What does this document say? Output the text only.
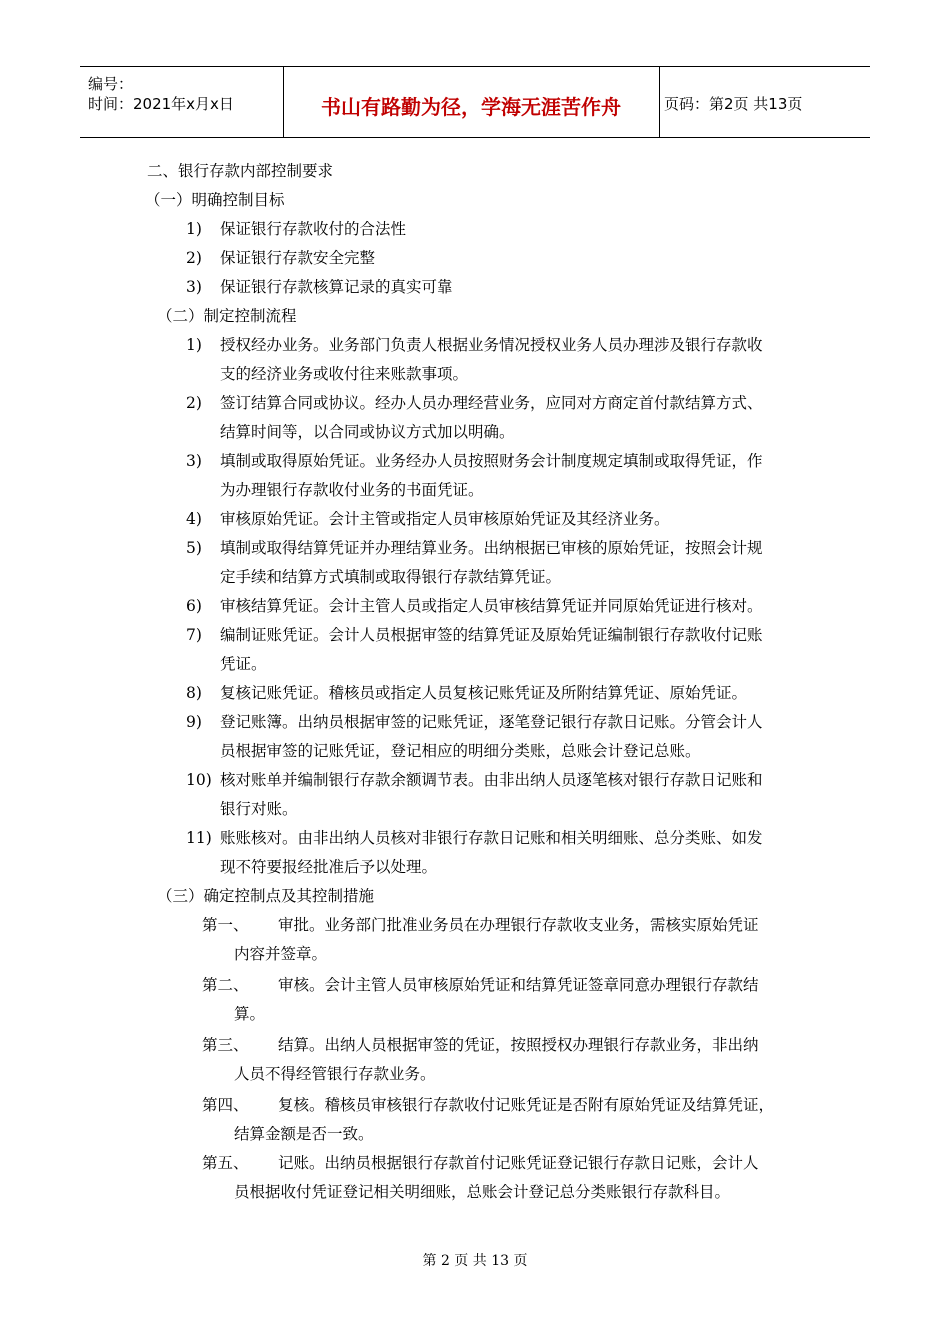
编号：
时间：2021年x月x日	书山有路勤为径，学海无涯苦作舟	页码：第2页 共13页
二、银行存款内部控制要求
（一）明确控制目标
1) 保证银行存款收付的合法性
2) 保证银行存款安全完整
3) 保证银行存款核算记录的真实可靠
（二）制定控制流程
1) 授权经办业务。业务部门负责人根据业务情况授权业务人员办理涉及银行存款收
支的经济业务或收付往来账款事项。
2) 签订结算合同或协议。经办人员办理经营业务，应同对方商定首付款结算方式、
结算时间等，以合同或协议方式加以明确。
3) 填制或取得原始凭证。业务经办人员按照财务会计制度规定填制或取得凭证，作
为办理银行存款收付业务的书面凭证。
4) 审核原始凭证。会计主管或指定人员审核原始凭证及其经济业务。
5) 填制或取得结算凭证并办理结算业务。出纳根据已审核的原始凭证，按照会计规
定手续和结算方式填制或取得银行存款结算凭证。
6) 审核结算凭证。会计主管人员或指定人员审核结算凭证并同原始凭证进行核对。
7) 编制证账凭证。会计人员根据审签的结算凭证及原始凭证编制银行存款收付记账
凭证。
8) 复核记账凭证。稽核员或指定人员复核记账凭证及所附结算凭证、原始凭证。
9) 登记账簿。出纳员根据审签的记账凭证，逐笔登记银行存款日记账。分管会计人
员根据审签的记账凭证，登记相应的明细分类账，总账会计登记总账。
10) 核对账单并编制银行存款余额调节表。由非出纳人员逐笔核对银行存款日记账和
银行对账。
11) 账账核对。由非出纳人员核对非银行存款日记账和相关明细账、总分类账、如发
现不符要报经批准后予以处理。
（三）确定控制点及其控制措施
第一、 审批。业务部门批准业务员在办理银行存款收支业务，需核实原始凭证
内容并签章。
第二、 审核。会计主管人员审核原始凭证和结算凭证签章同意办理银行存款结
算。
第三、 结算。出纳人员根据审签的凭证，按照授权办理银行存款业务，非出纳
人员不得经管银行存款业务。
第四、 复核。稽核员审核银行存款收付记账凭证是否附有原始凭证及结算凭证，
结算金额是否一致。
第五、 记账。出纳员根据银行存款首付记账凭证登记银行存款日记账，会计人
员根据收付凭证登记相关明细账，总账会计登记总分类账银行存款科目。
第 2 页 共 13 页
